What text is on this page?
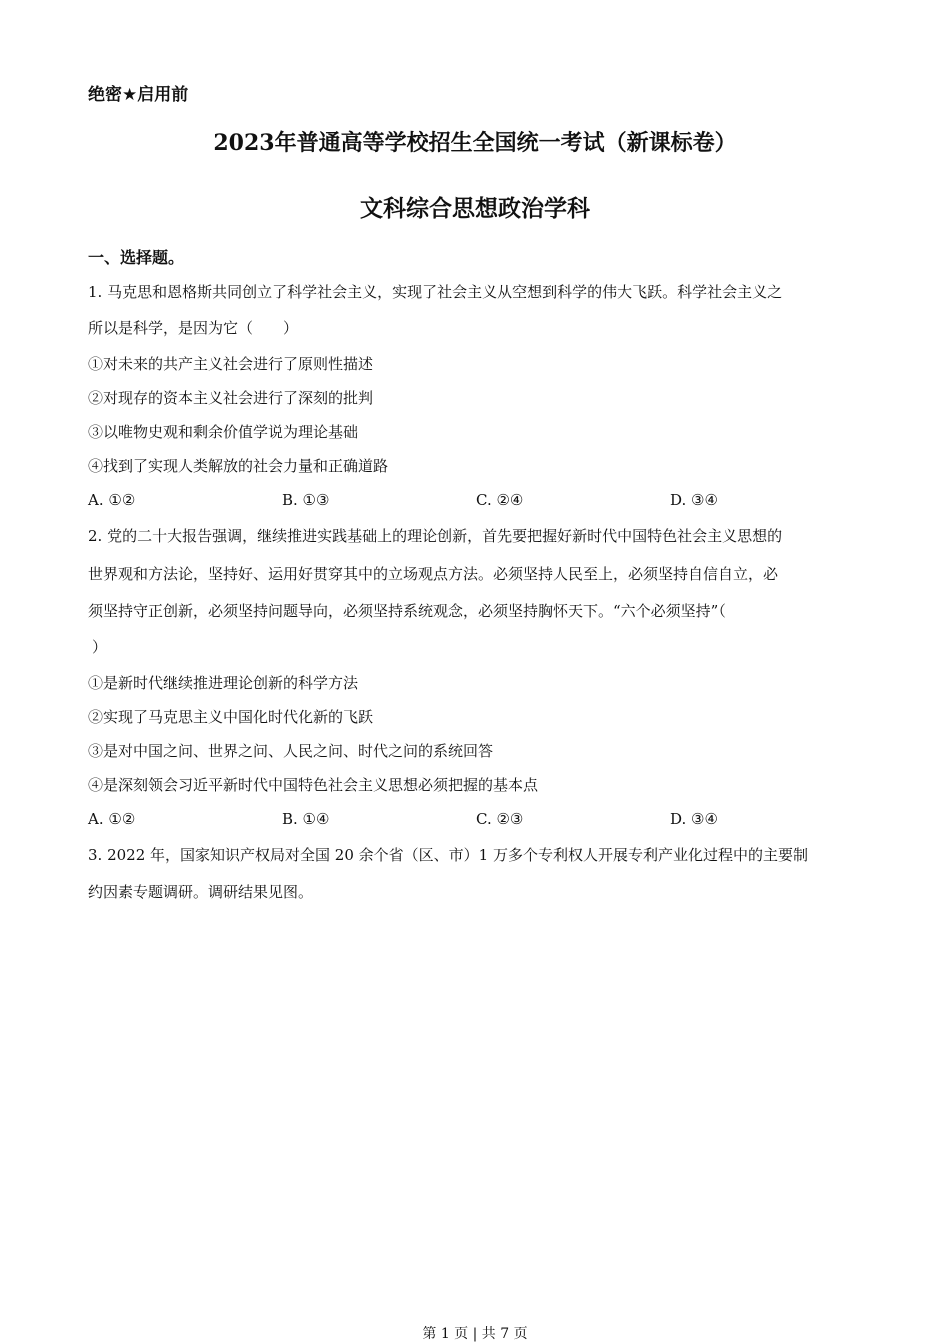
绝密★启用前
2023年普通高等学校招生全国统一考试（新课标卷）
文科综合思想政治学科
一、选择题。
1. 马克思和恩格斯共同创立了科学社会主义，实现了社会主义从空想到科学的伟大飞跃。科学社会主义之
所以是科学，是因为它（　　）
①对未来的共产主义社会进行了原则性描述
②对现存的资本主义社会进行了深刻的批判
③以唯物史观和剩余价值学说为理论基础
④找到了实现人类解放的社会力量和正确道路
A. ①②	B. ①③	C. ②④	D. ③④
2. 党的二十大报告强调，继续推进实践基础上的理论创新，首先要把握好新时代中国特色社会主义思想的
世界观和方法论，坚持好、运用好贯穿其中的立场观点方法。必须坚持人民至上，必须坚持自信自立，必
须坚持守正创新，必须坚持问题导向，必须坚持系统观念，必须坚持胸怀天下。“六个必须坚持”（
）
①是新时代继续推进理论创新的科学方法
②实现了马克思主义中国化时代化新的飞跃
③是对中国之问、世界之问、人民之问、时代之问的系统回答
④是深刻领会习近平新时代中国特色社会主义思想必须把握的基本点
A. ①②	B. ①④	C. ②③	D. ③④
3. 2022 年，国家知识产权局对全国 20 余个省（区、市）1 万多个专利权人开展专利产业化过程中的主要制
约因素专题调研。调研结果见图。
第 1 页 | 共 7 页
